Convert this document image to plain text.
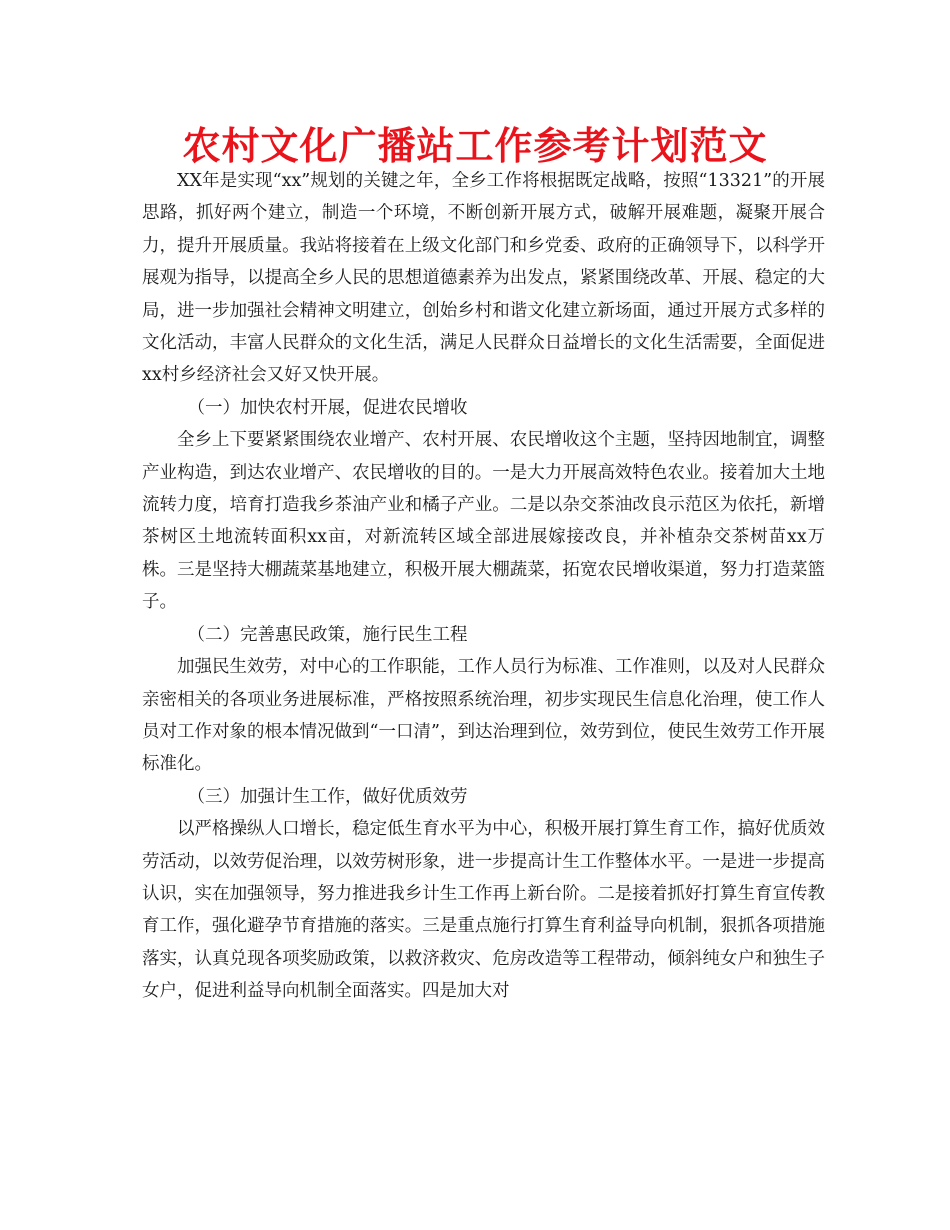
农村文化广播站工作参考计划范文

XX年是实现“xx”规划的关键之年，全乡工作将根据既定战略，按照“13321”的开展思路，抓好两个建立，制造一个环境，不断创新开展方式，破解开展难题，凝聚开展合力，提升开展质量。我站将接着在上级文化部门和乡党委、政府的正确领导下，以科学开展观为指导，以提高全乡人民的思想道德素养为出发点，紧紧围绕改革、开展、稳定的大局，进一步加强社会精神文明建立，创始乡村和谐文化建立新场面，通过开展方式多样的文化活动，丰富人民群众的文化生活，满足人民群众日益增长的文化生活需要，全面促进xx村乡经济社会又好又快开展。

（一）加快农村开展，促进农民增收

全乡上下要紧紧围绕农业增产、农村开展、农民增收这个主题，坚持因地制宜，调整产业构造，到达农业增产、农民增收的目的。一是大力开展高效特色农业。接着加大土地流转力度，培育打造我乡茶油产业和橘子产业。二是以杂交茶油改良示范区为依托，新增茶树区土地流转面积xx亩，对新流转区域全部进展嫁接改良，并补植杂交茶树苗xx万株。三是坚持大棚蔬菜基地建立，积极开展大棚蔬菜，拓宽农民增收渠道，努力打造菜篮子。

（二）完善惠民政策，施行民生工程

加强民生效劳，对中心的工作职能，工作人员行为标准、工作准则，以及对人民群众亲密相关的各项业务进展标准，严格按照系统治理，初步实现民生信息化治理，使工作人员对工作对象的根本情况做到“一口清”，到达治理到位，效劳到位，使民生效劳工作开展标准化。

（三）加强计生工作，做好优质效劳

以严格操纵人口增长，稳定低生育水平为中心，积极开展打算生育工作，搞好优质效劳活动，以效劳促治理，以效劳树形象，进一步提高计生工作整体水平。一是进一步提高认识，实在加强领导，努力推进我乡计生工作再上新台阶。二是接着抓好打算生育宣传教育工作，强化避孕节育措施的落实。三是重点施行打算生育利益导向机制，狠抓各项措施落实，认真兑现各项奖励政策，以救济救灾、危房改造等工程带动，倾斜纯女户和独生子女户，促进利益导向机制全面落实。四是加大对
